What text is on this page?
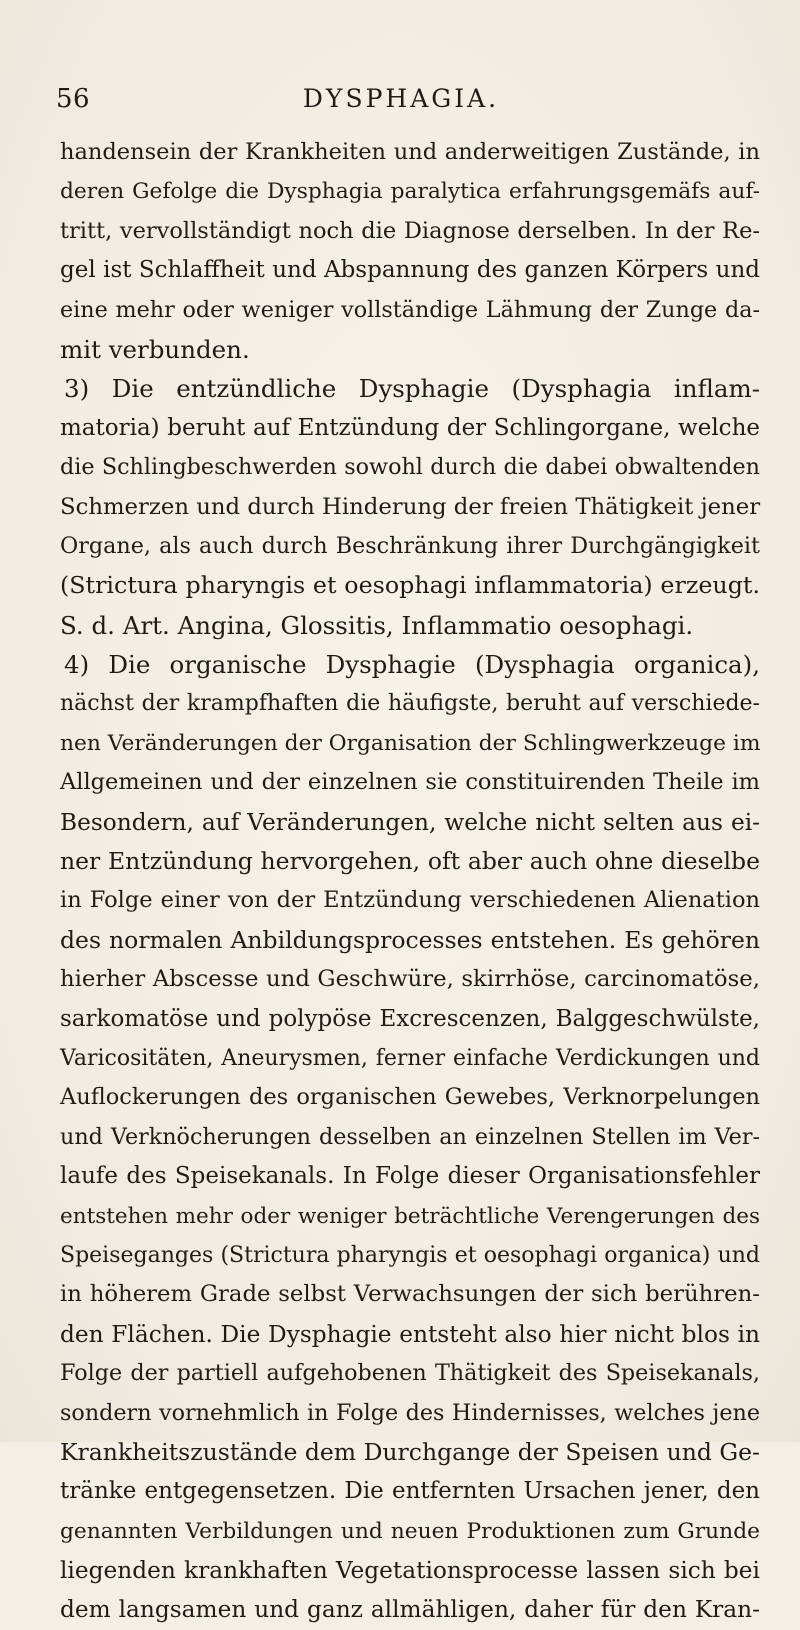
56	DYSPHAGIA.
handensein der Krankheiten und anderweitigen Zustände, in
deren Gefolge die Dysphagia paralytica erfahrungsgemäfs auf-
tritt, vervollständigt noch die Diagnose derselben. In der Re-
gel ist Schlaffheit und Abspannung des ganzen Körpers und
eine mehr oder weniger vollständige Lähmung der Zunge da-
mit verbunden.
3) Die entzündliche Dysphagie (Dysphagia inflam-
matoria) beruht auf Entzündung der Schlingorgane, welche
die Schlingbeschwerden sowohl durch die dabei obwaltenden
Schmerzen und durch Hinderung der freien Thätigkeit jener
Organe, als auch durch Beschränkung ihrer Durchgängigkeit
(Strictura pharyngis et oesophagi inflammatoria) erzeugt.
S. d. Art. Angina, Glossitis, Inflammatio oesophagi.
4) Die organische Dysphagie (Dysphagia organica),
nächst der krampfhaften die häufigste, beruht auf verschiede-
nen Veränderungen der Organisation der Schlingwerkzeuge im
Allgemeinen und der einzelnen sie constituirenden Theile im
Besondern, auf Veränderungen, welche nicht selten aus ei-
ner Entzündung hervorgehen, oft aber auch ohne dieselbe
in Folge einer von der Entzündung verschiedenen Alienation
des normalen Anbildungsprocesses entstehen. Es gehören
hierher Abscesse und Geschwüre, skirrhöse, carcinomatöse,
sarkomatöse und polypöse Excrescenzen, Balggeschwülste,
Varicositäten, Aneurysmen, ferner einfache Verdickungen und
Auflockerungen des organischen Gewebes, Verknorpelungen
und Verknöcherungen desselben an einzelnen Stellen im Ver-
laufe des Speisekanals. In Folge dieser Organisationsfehler
entstehen mehr oder weniger beträchtliche Verengerungen des
Speiseganges (Strictura pharyngis et oesophagi organica) und
in höherem Grade selbst Verwachsungen der sich berühren-
den Flächen. Die Dysphagie entsteht also hier nicht blos in
Folge der partiell aufgehobenen Thätigkeit des Speisekanals,
sondern vornehmlich in Folge des Hindernisses, welches jene
Krankheitszustände dem Durchgange der Speisen und Ge-
tränke entgegensetzen. Die entfernten Ursachen jener, den
genannten Verbildungen und neuen Produktionen zum Grunde
liegenden krankhaften Vegetationsprocesse lassen sich bei
dem langsamen und ganz allmähligen, daher für den Kran-
